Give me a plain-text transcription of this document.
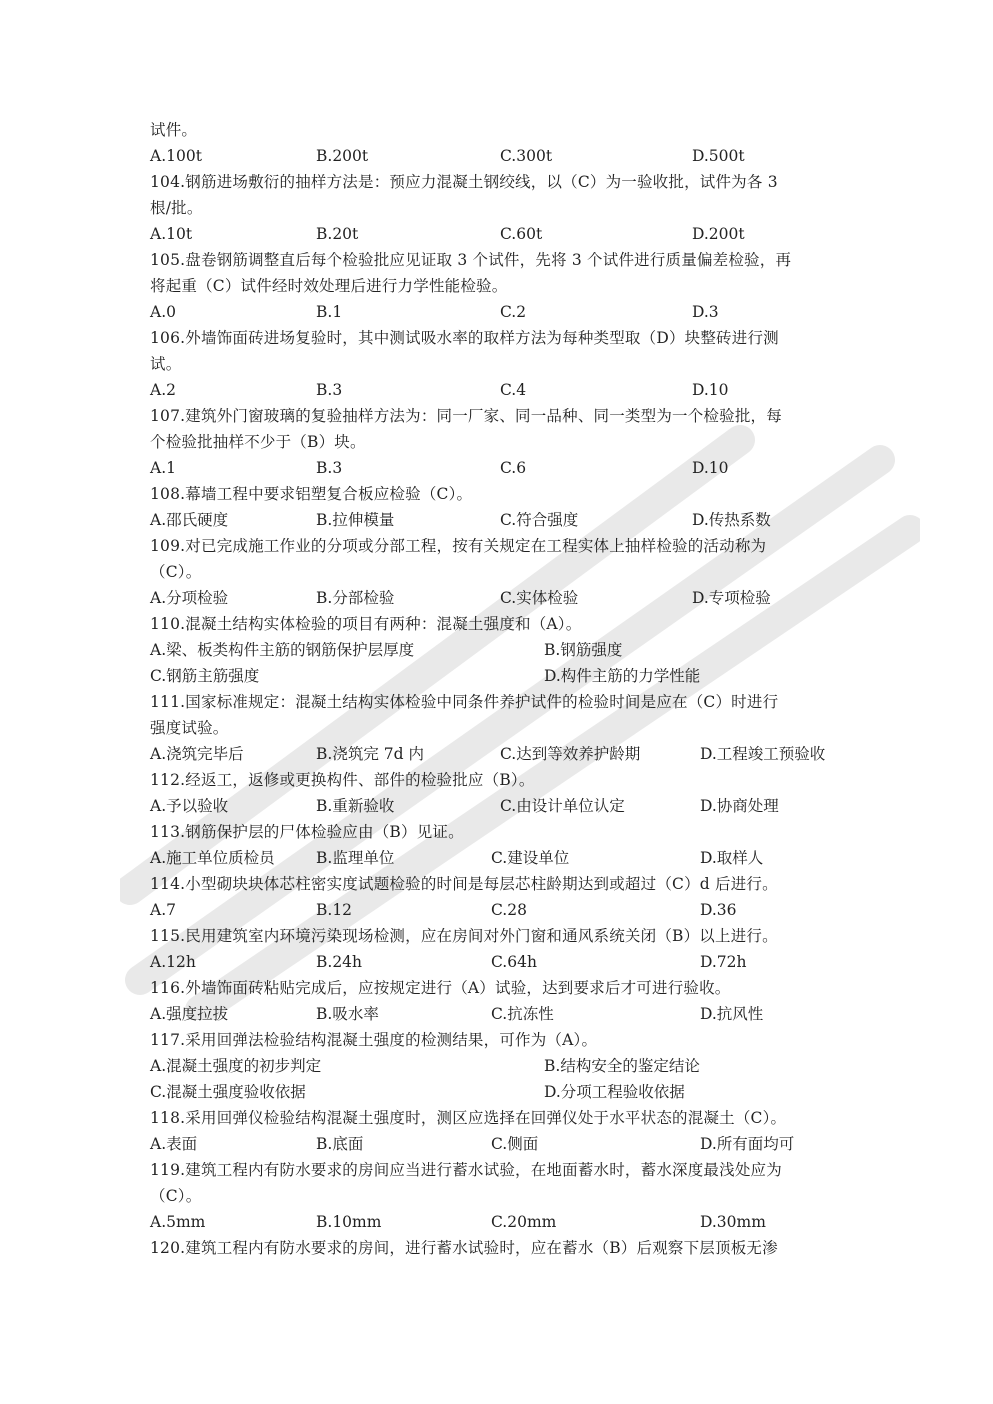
试件。
A.100t	B.200t	C.300t	D.500t
104.钢筋进场敷衍的抽样方法是：预应力混凝土钢绞线，以（C）为一验收批，试件为各 3
根/批。
A.10t	B.20t	C.60t	D.200t
105.盘卷钢筋调整直后每个检验批应见证取 3 个试件，先将 3 个试件进行质量偏差检验，再
将起重（C）试件经时效处理后进行力学性能检验。
A.0	B.1	C.2	D.3
106.外墙饰面砖进场复验时，其中测试吸水率的取样方法为每种类型取（D）块整砖进行测
试。
A.2	B.3	C.4	D.10
107.建筑外门窗玻璃的复验抽样方法为：同一厂家、同一品种、同一类型为一个检验批，每
个检验批抽样不少于（B）块。
A.1	B.3	C.6	D.10
108.幕墙工程中要求铝塑复合板应检验（C）。
A.邵氏硬度	B.拉伸模量	C.符合强度	D.传热系数
109.对已完成施工作业的分项或分部工程，按有关规定在工程实体上抽样检验的活动称为
（C）。
A.分项检验	B.分部检验	C.实体检验	D.专项检验
110.混凝土结构实体检验的项目有两种：混凝土强度和（A）。
A.梁、板类构件主筋的钢筋保护层厚度	B.钢筋强度
C.钢筋主筋强度	D.构件主筋的力学性能
111.国家标准规定：混凝土结构实体检验中同条件养护试件的检验时间是应在（C）时进行
强度试验。
A.浇筑完毕后	B.浇筑完 7d 内	C.达到等效养护龄期	D.工程竣工预验收
112.经返工，返修或更换构件、部件的检验批应（B）。
A.予以验收	B.重新验收	C.由设计单位认定	D.协商处理
113.钢筋保护层的尸体检验应由（B）见证。
A.施工单位质检员	B.监理单位	C.建设单位	D.取样人
114.小型砌块块体芯柱密实度试题检验的时间是每层芯柱龄期达到或超过（C）d 后进行。
A.7	B.12	C.28	D.36
115.民用建筑室内环境污染现场检测，应在房间对外门窗和通风系统关闭（B）以上进行。
A.12h	B.24h	C.64h	D.72h
116.外墙饰面砖粘贴完成后，应按规定进行（A）试验，达到要求后才可进行验收。
A.强度拉拔	B.吸水率	C.抗冻性	D.抗风性
117.采用回弹法检验结构混凝土强度的检测结果，可作为（A）。
A.混凝土强度的初步判定	B.结构安全的鉴定结论
C.混凝土强度验收依据	D.分项工程验收依据
118.采用回弹仪检验结构混凝土强度时，测区应选择在回弹仪处于水平状态的混凝土（C）。
A.表面	B.底面	C.侧面	D.所有面均可
119.建筑工程内有防水要求的房间应当进行蓄水试验，在地面蓄水时，蓄水深度最浅处应为
（C）。
A.5mm	B.10mm	C.20mm	D.30mm
120.建筑工程内有防水要求的房间，进行蓄水试验时，应在蓄水（B）后观察下层顶板无渗
